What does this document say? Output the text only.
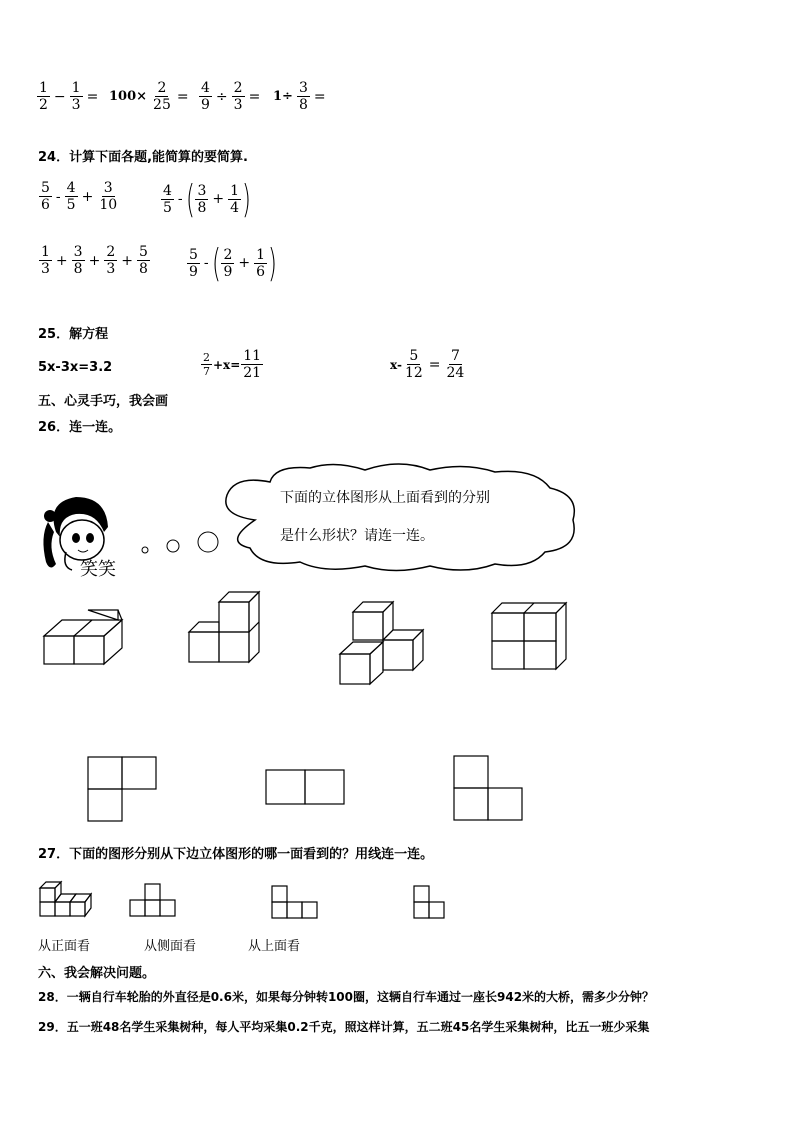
$\frac{1}{2} - \frac{1}{3} = 100\times \frac{2}{25} = \frac{4}{9} \div \frac{2}{3} = 1\div \frac{3}{8}$ =
24．计算下面各题,能简算的要简算.
$\frac{5}{6} - \frac{4}{5} + \frac{3}{10}$	$\frac{4}{5}$ - ( $\frac{3}{8} + \frac{1}{4}$ )
$\frac{1}{3} + \frac{3}{8} + \frac{2}{3} + \frac{5}{8}$	$\frac{5}{9}$ - ( $\frac{2}{9} + \frac{1}{6}$ )
25．解方程
5x-3x=3.2	$\frac{2}{7} +x= \frac{11}{21}$	$x- \frac{5}{12} = \frac{7}{24}$
五、心灵手巧，我会画
26．连一连。
笑笑
下面的立体图形从上面看到的分别
是什么形状？请连一连。
27．下面的图形分别从下边立体图形的哪一面看到的？用线连一连。
从正面看	从侧面看	从上面看
六、我会解决问题。
28．一辆自行车轮胎的外直径是0.6米，如果每分钟转100圈，这辆自行车通过一座长942米的大桥，需多少分钟？
29．五一班48名学生采集树种，每人平均采集0.2千克，照这样计算，五二班45名学生采集树种，比五一班少采集
